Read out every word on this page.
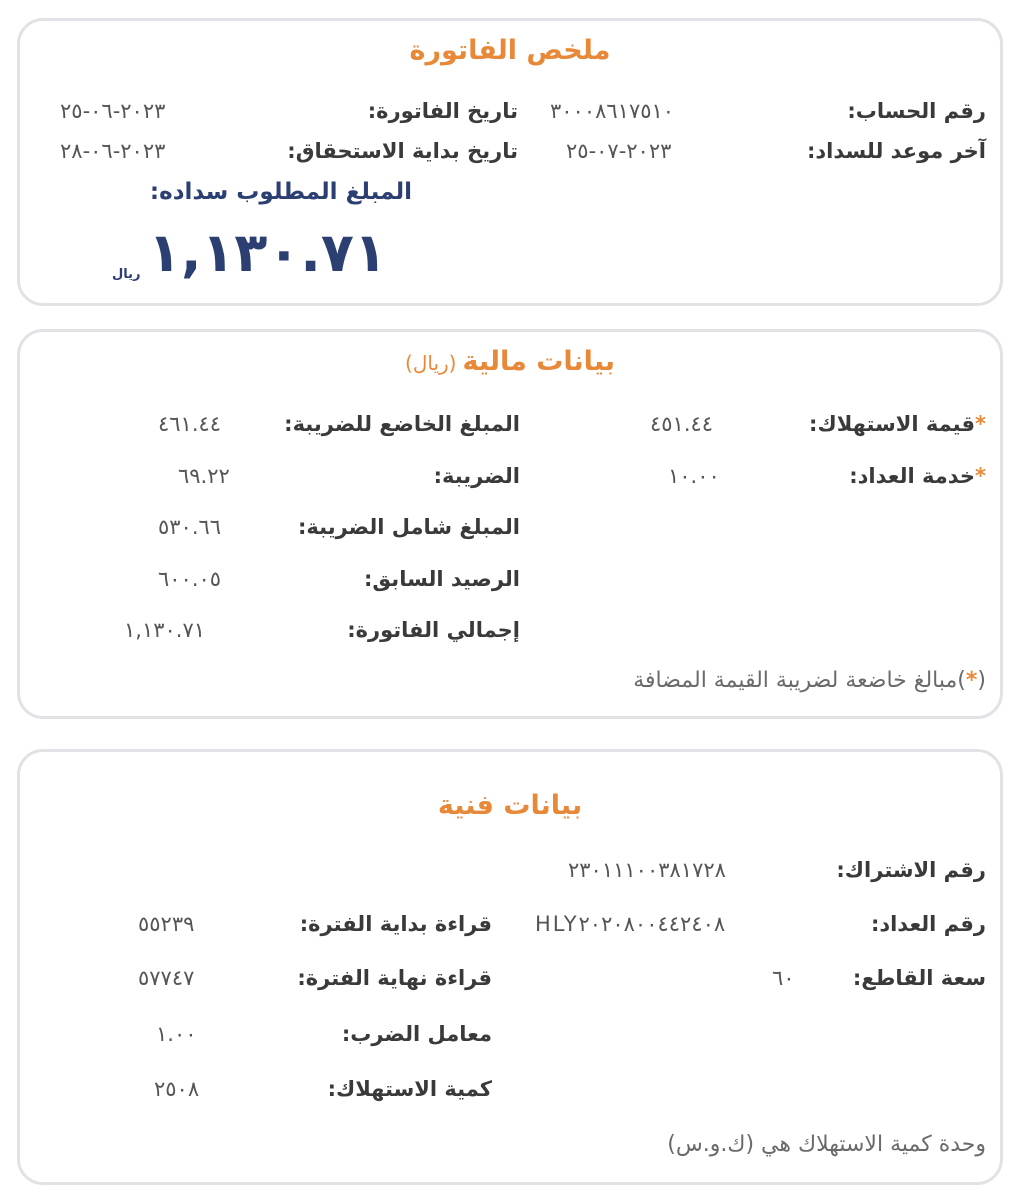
ملخص الفاتورة
رقم الحساب:
٣٠٠٠٨٦١٧٥١٠
تاريخ الفاتورة:
٢٠٢٣-٠٦-٢٥
آخر موعد للسداد:
٢٠٢٣-٠٧-٢٥
تاريخ بداية الاستحقاق:
٢٠٢٣-٠٦-٢٨
المبلغ المطلوب سداده:
١,١٣٠.٧١
ريال
بيانات مالية(ريال)
*قيمة الاستهلاك:
٤٥١.٤٤
*خدمة العداد:
١٠.٠٠
المبلغ الخاضع للضريبة:
٤٦١.٤٤
الضريبة:
٦٩.٢٢
المبلغ شامل الضريبة:
٥٣٠.٦٦
الرصيد السابق:
٦٠٠.٠٥
إجمالي الفاتورة:
١,١٣٠.٧١
(*)مبالغ خاضعة لضريبة القيمة المضافة
بيانات فنية
رقم الاشتراك:
٢٣٠١١١٠٠٣٨١٧٢٨
رقم العداد:
HLY٢٠٢٠٨٠٠٤٤٢٤٠٨
سعة القاطع:
٦٠
قراءة بداية الفترة:
٥٥٢٣٩
قراءة نهاية الفترة:
٥٧٧٤٧
معامل الضرب:
١.٠٠
كمية الاستهلاك:
٢٥٠٨
وحدة كمية الاستهلاك هي (ك.و.س)
